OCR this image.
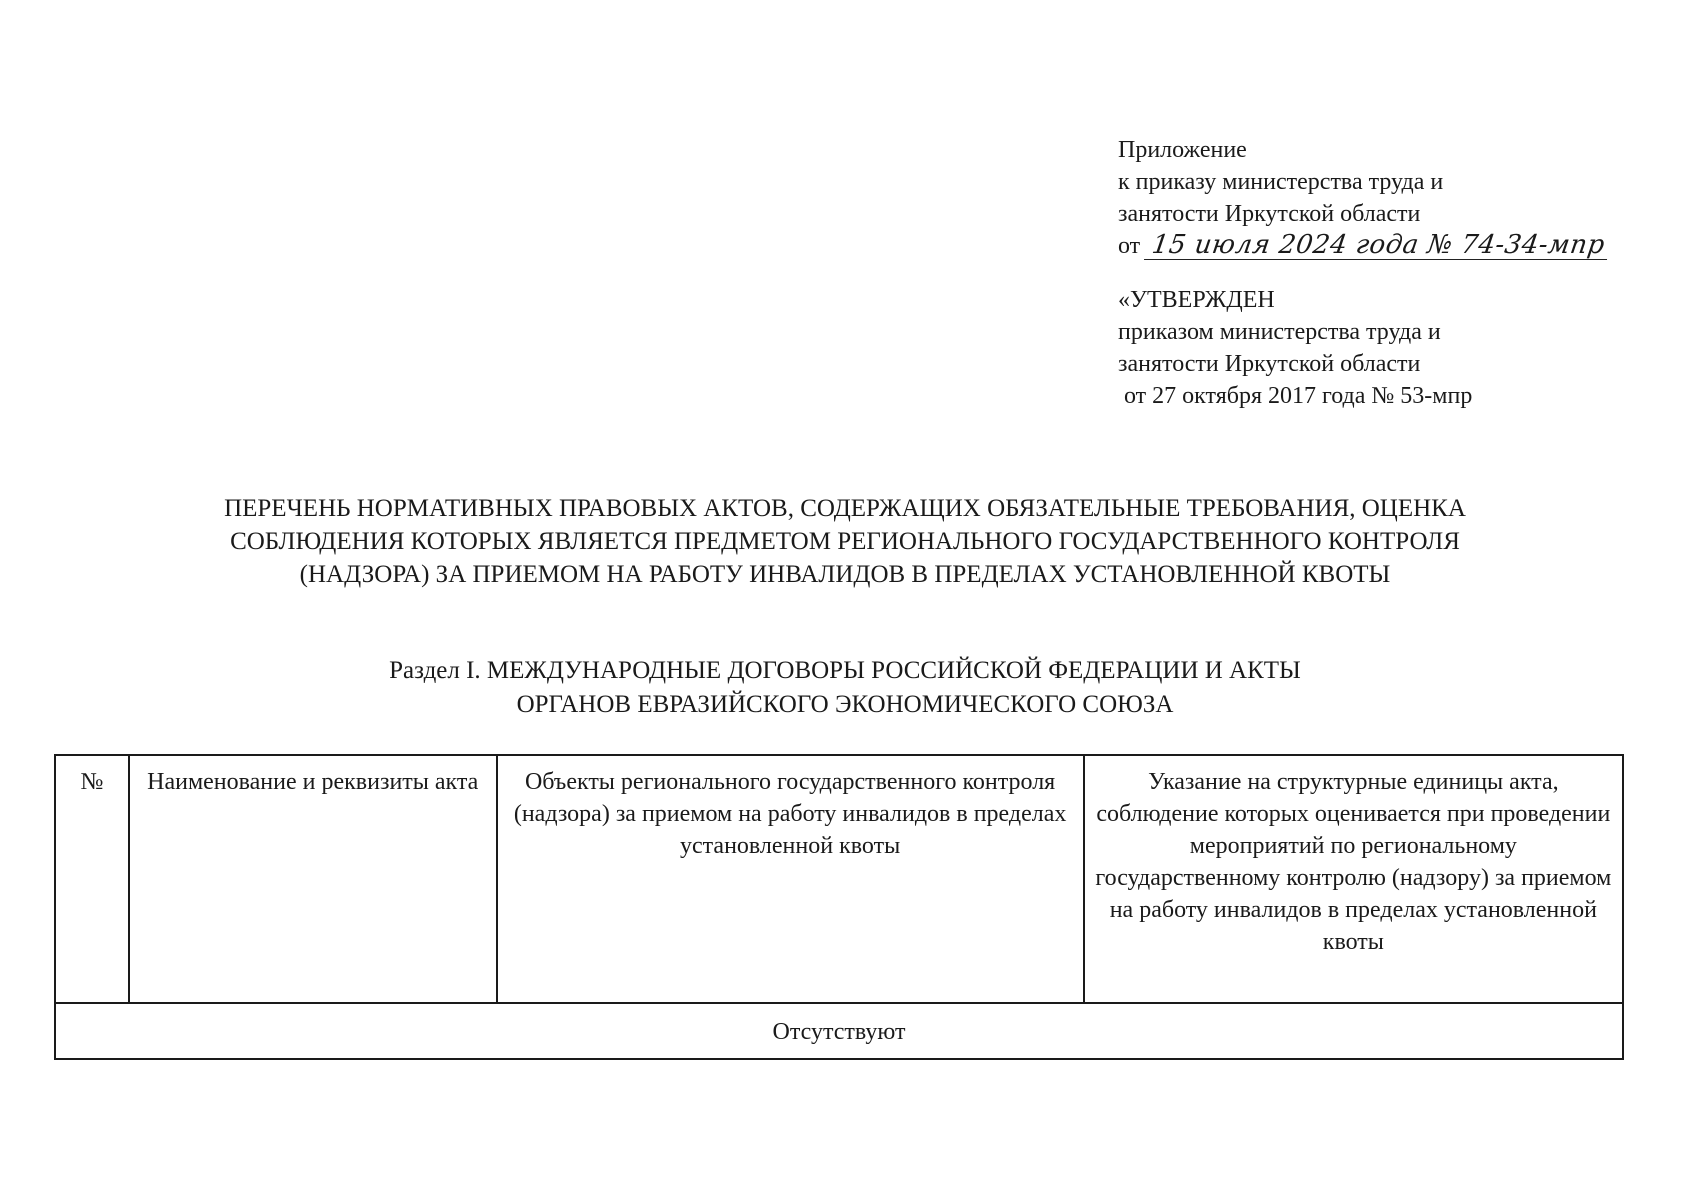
Приложение
к приказу министерства труда и
занятости Иркутской области
от 15 июля 2024 года № 74-34-мпр
«УТВЕРЖДЕН
приказом министерства труда и
занятости Иркутской области
от 27 октября 2017 года № 53-мпр
ПЕРЕЧЕНЬ НОРМАТИВНЫХ ПРАВОВЫХ АКТОВ, СОДЕРЖАЩИХ ОБЯЗАТЕЛЬНЫЕ ТРЕБОВАНИЯ, ОЦЕНКА
СОБЛЮДЕНИЯ КОТОРЫХ ЯВЛЯЕТСЯ ПРЕДМЕТОМ РЕГИОНАЛЬНОГО ГОСУДАРСТВЕННОГО КОНТРОЛЯ
(НАДЗОРА) ЗА ПРИЕМОМ НА РАБОТУ ИНВАЛИДОВ В ПРЕДЕЛАХ УСТАНОВЛЕННОЙ КВОТЫ
Раздел I. МЕЖДУНАРОДНЫЕ ДОГОВОРЫ РОССИЙСКОЙ ФЕДЕРАЦИИ И АКТЫ
ОРГАНОВ ЕВРАЗИЙСКОГО ЭКОНОМИЧЕСКОГО СОЮЗА
№	Наименование и реквизиты акта	Объекты регионального государственного контроля (надзора) за приемом на работу инвалидов в пределах установленной квоты	Указание на структурные единицы акта, соблюдение которых оценивается при проведении мероприятий по региональному государственному контролю (надзору) за приемом на работу инвалидов в пределах установленной квоты
Отсутствуют
